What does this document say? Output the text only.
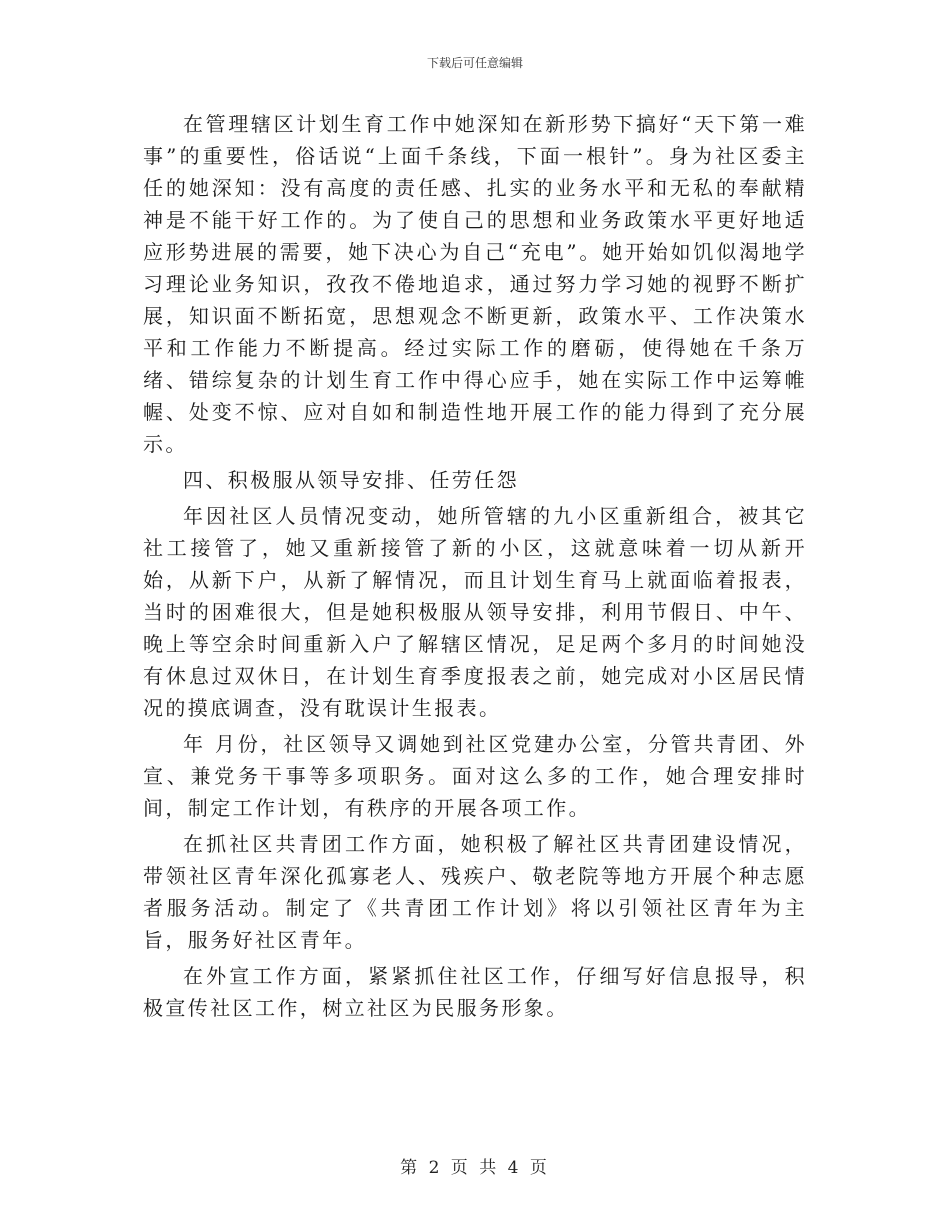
下载后可任意编辑

在管理辖区计划生育工作中她深知在新形势下搞好“天下第一难事”的重要性，俗话说“上面千条线，下面一根针”。身为社区委主任的她深知：没有高度的责任感、扎实的业务水平和无私的奉献精神是不能干好工作的。为了使自己的思想和业务政策水平更好地适应形势进展的需要，她下决心为自己“充电”。她开始如饥似渴地学习理论业务知识，孜孜不倦地追求，通过努力学习她的视野不断扩展，知识面不断拓宽，思想观念不断更新，政策水平、工作决策水平和工作能力不断提高。经过实际工作的磨砺，使得她在千条万绪、错综复杂的计划生育工作中得心应手，她在实际工作中运筹帷幄、处变不惊、应对自如和制造性地开展工作的能力得到了充分展示。

四、积极服从领导安排、任劳任怨

年因社区人员情况变动，她所管辖的九小区重新组合，被其它社工接管了，她又重新接管了新的小区，这就意味着一切从新开始，从新下户，从新了解情况，而且计划生育马上就面临着报表，当时的困难很大，但是她积极服从领导安排，利用节假日、中午、晚上等空余时间重新入户了解辖区情况，足足两个多月的时间她没有休息过双休日，在计划生育季度报表之前，她完成对小区居民情况的摸底调查，没有耽误计生报表。

年 月份，社区领导又调她到社区党建办公室，分管共青团、外宣、兼党务干事等多项职务。面对这么多的工作，她合理安排时间，制定工作计划，有秩序的开展各项工作。

在抓社区共青团工作方面，她积极了解社区共青团建设情况，带领社区青年深化孤寡老人、残疾户、敬老院等地方开展个种志愿者服务活动。制定了《共青团工作计划》将以引领社区青年为主旨，服务好社区青年。

在外宣工作方面，紧紧抓住社区工作，仔细写好信息报导，积极宣传社区工作，树立社区为民服务形象。

第 2 页 共 4 页
